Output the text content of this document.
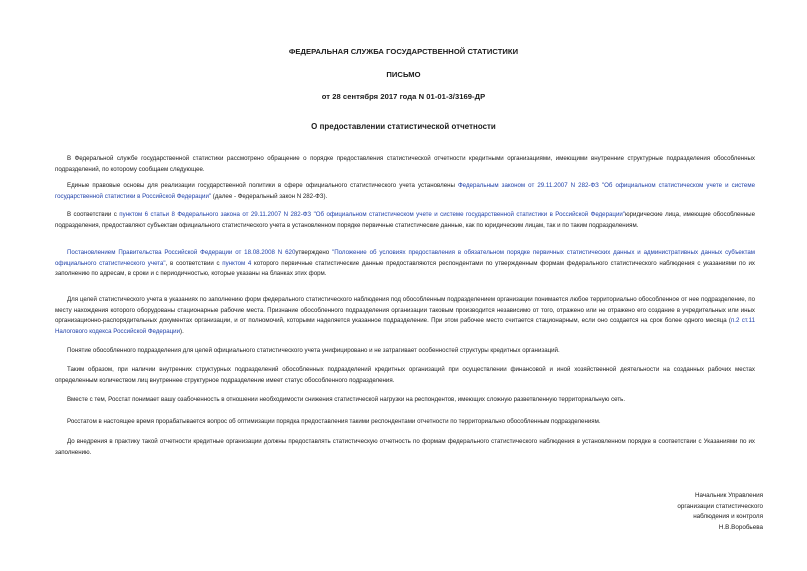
ФЕДЕРАЛЬНАЯ СЛУЖБА ГОСУДАРСТВЕННОЙ СТАТИСТИКИ
ПИСЬМО
от 28 сентября 2017 года N 01-01-3/3169-ДР
О предоставлении статистической отчетности
В Федеральной службе государственной статистики рассмотрено обращение о порядке предоставления статистической отчетности кредитными организациями, имеющими внутренние структурные подразделения обособленных подразделений, по которому сообщаем следующее.
Единые правовые основы для реализации государственной политики в сфере официального статистического учета установлены Федеральным законом от 29.11.2007 N 282-ФЗ "Об официальном статистическом учете и системе государственной статистики в Российской Федерации" (далее - Федеральный закон N 282-ФЗ).
В соответствии с пунктом 6 статьи 8 Федерального закона от 29.11.2007 N 282-ФЗ "Об официальном статистическом учете и системе государственной статистики в Российской Федерации"юридические лица, имеющие обособленные подразделения, предоставляют субъектам официального статистического учета в установленном порядке первичные статистические данные, как по юридическим лицам, так и по таким подразделениям.
Постановлением Правительства Российской Федерации от 18.08.2008 N 620утверждено "Положение об условиях предоставления в обязательном порядке первичных статистических данных и административных данных субъектам официального статистического учета", в соответствии с пунктом 4 которого первичные статистические данные предоставляются респондентами по утвержденным формам федерального статистического наблюдения с указаниями по их заполнению по адресам, в сроки и с периодичностью, которые указаны на бланках этих форм.
Для целей статистического учета в указаниях по заполнению форм федерального статистического наблюдения под обособленным подразделением организации понимается любое территориально обособленное от нее подразделение, по месту нахождения которого оборудованы стационарные рабочие места. Признание обособленного подразделения организации таковым производится независимо от того, отражено или не отражено его создание в учредительных или иных организационно-распорядительных документах организации, и от полномочий, которыми наделяется указанное подразделение. При этом рабочее место считается стационарным, если оно создается на срок более одного месяца (п.2 ст.11 Налогового кодекса Российской Федерации).
Понятие обособленного подразделения для целей официального статистического учета унифицировано и не затрагивает особенностей структуры кредитных организаций.
Таким образом, при наличии внутренних структурных подразделений обособленных подразделений кредитных организаций при осуществлении финансовой и иной хозяйственной деятельности на созданных рабочих местах определенным количеством лиц внутреннее структурное подразделение имеет статус обособленного подразделения.
Вместе с тем, Росстат понимает вашу озабоченность в отношении необходимости снижения статистической нагрузки на респондентов, имеющих сложную разветвленную территориальную сеть.
Росстатом в настоящее время прорабатывается вопрос об оптимизации порядка предоставления такими респондентами отчетности по территориально обособленным подразделениям.
До внедрения в практику такой отчетности кредитные организации должны предоставлять статистическую отчетность по формам федерального статистического наблюдения в установленном порядке в соответствии с Указаниями по их заполнению.
Начальник Управления
организации статистического
наблюдения и контроля
Н.В.Воробьева
